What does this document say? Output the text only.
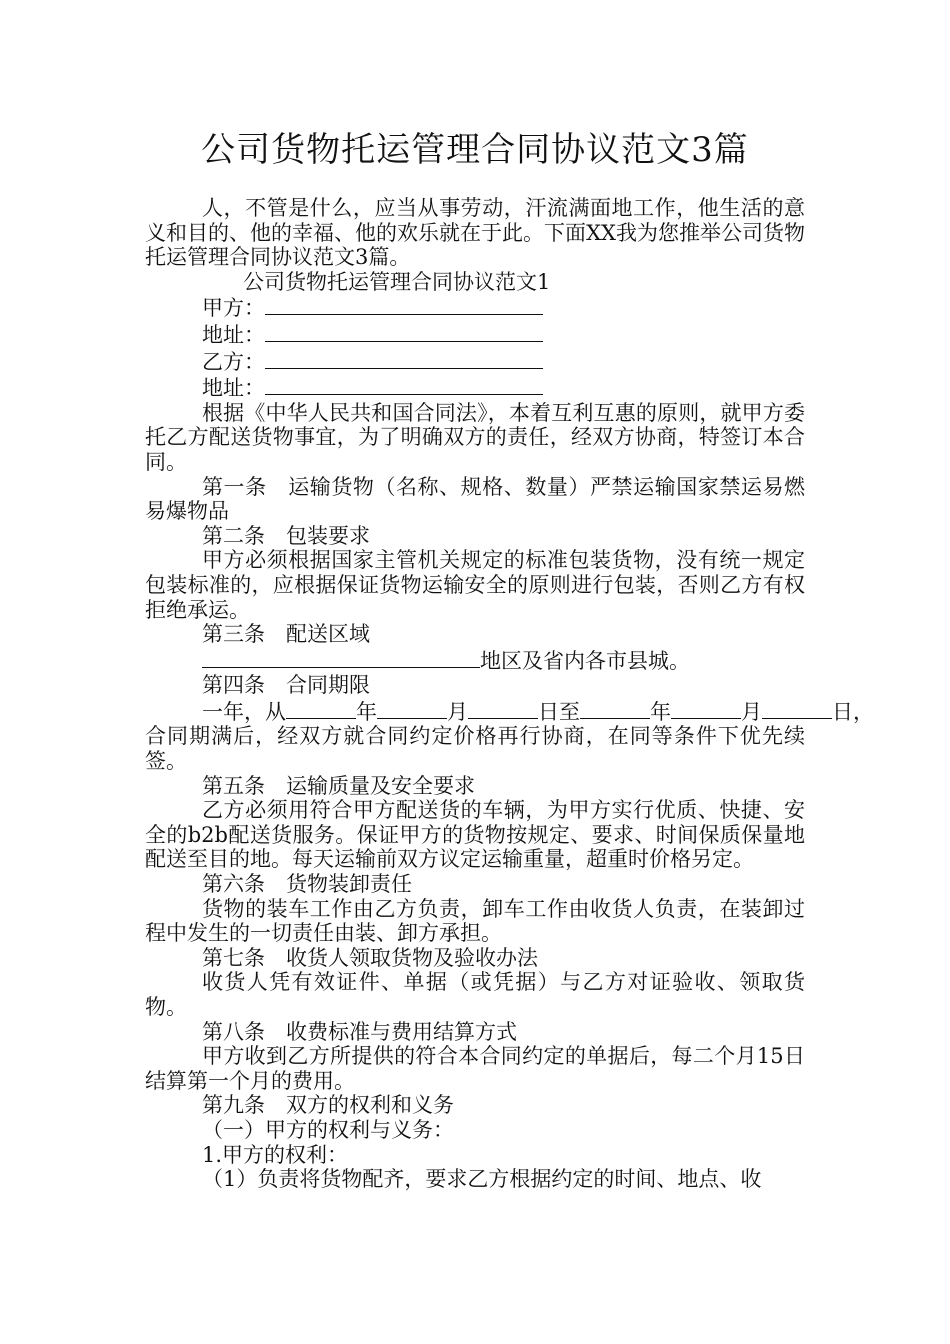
公司货物托运管理合同协议范文3篇

人，不管是什么，应当从事劳动，汗流满面地工作，他生活的意义和目的、他的幸福、他的欢乐就在于此。下面XX我为您推举公司货物托运管理合同协议范文3篇。

公司货物托运管理合同协议范文1

甲方：

地址：

乙方：

地址：

根据《中华人民共和国合同法》，本着互利互惠的原则，就甲方委托乙方配送货物事宜，为了明确双方的责任，经双方协商，特签订本合同。

第一条　运输货物（名称、规格、数量）严禁运输国家禁运易燃易爆物品

第二条　包装要求

甲方必须根据国家主管机关规定的标准包装货物，没有统一规定包装标准的，应根据保证货物运输安全的原则进行包装，否则乙方有权拒绝承运。

第三条　配送区域

地区及省内各市县城。

第四条　合同期限

一年，从	年	月	日至	年	月	日，

合同期满后，经双方就合同约定价格再行协商，在同等条件下优先续签。

第五条　运输质量及安全要求

乙方必须用符合甲方配送货的车辆，为甲方实行优质、快捷、安全的b2b配送货服务。保证甲方的货物按规定、要求、时间保质保量地配送至目的地。每天运输前双方议定运输重量，超重时价格另定。

第六条　货物装卸责任

货物的装车工作由乙方负责，卸车工作由收货人负责，在装卸过程中发生的一切责任由装、卸方承担。

第七条　收货人领取货物及验收办法

收货人凭有效证件、单据（或凭据）与乙方对证验收、领取货物。

第八条　收费标准与费用结算方式

甲方收到乙方所提供的符合本合同约定的单据后，每二个月15日结算第一个月的费用。

第九条　双方的权利和义务

（一）甲方的权利与义务：

1.甲方的权利：

（1）负责将货物配齐，要求乙方根据约定的时间、地点、收
